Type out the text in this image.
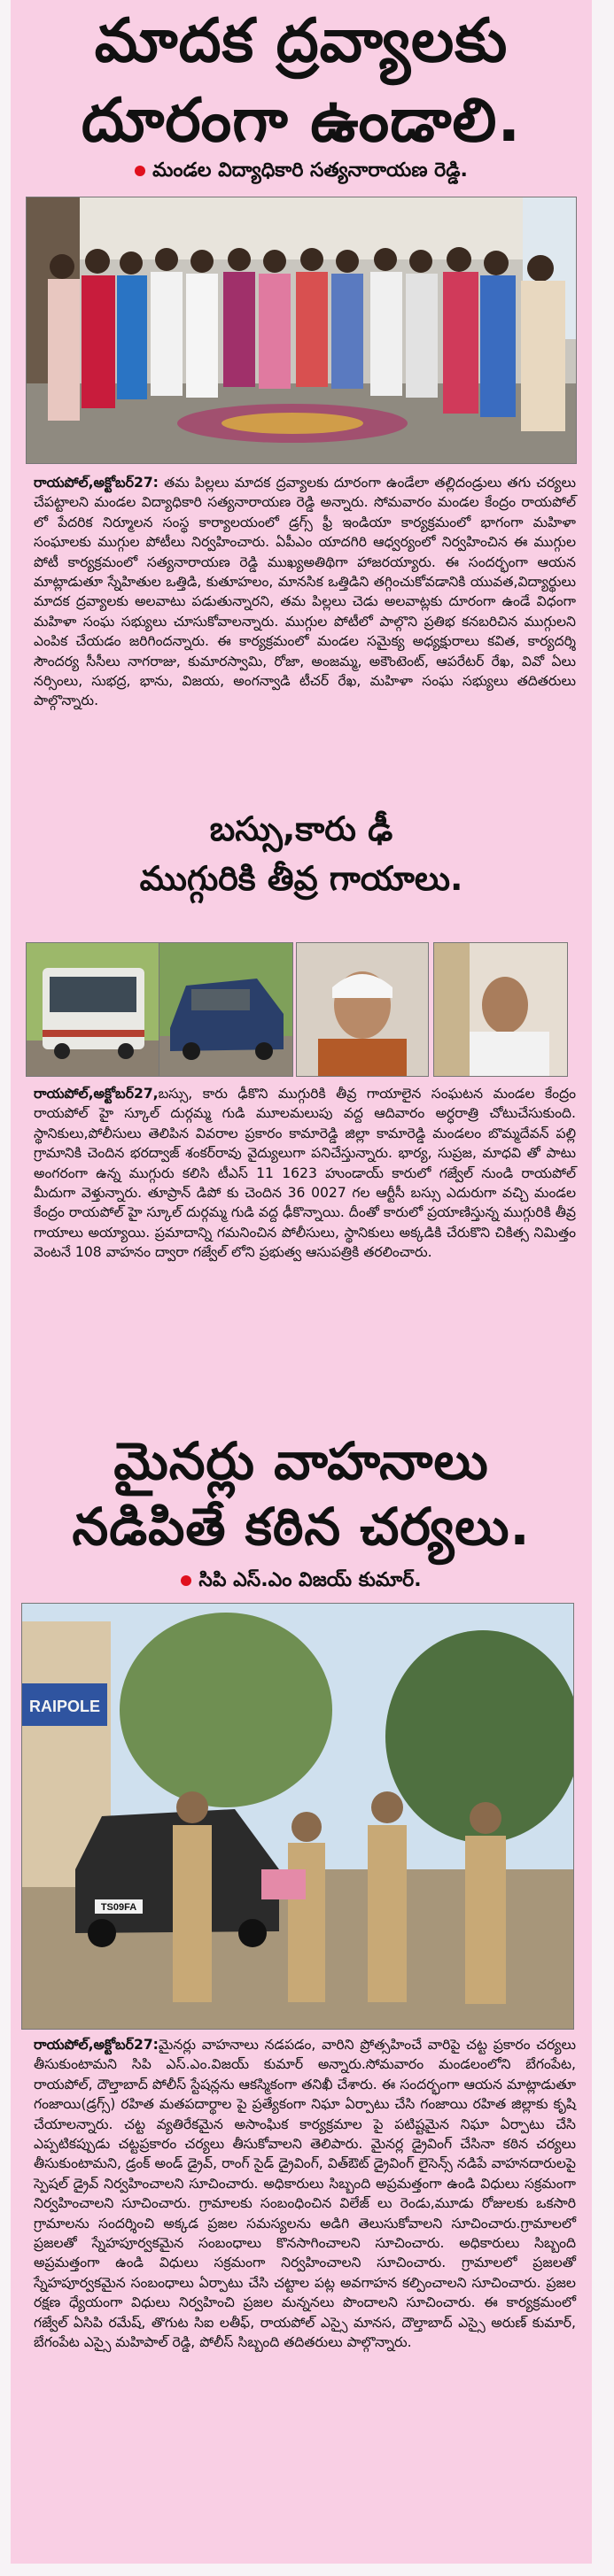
మాదక ద్రవ్యాలకు
దూరంగా ఉండాలి.
మండల విద్యాధికారి సత్యనారాయణ రెడ్డి.
రాయపోల్,అక్టోబర్27: తమ పిల్లలు మాదక ద్రవ్యాలకు దూరంగా ఉండేలా తల్లిదండ్రులు తగు చర్యలు చేపట్టాలని మండల విద్యాధికారి సత్యనారాయణ రెడ్డి అన్నారు. సోమవారం మండల కేంద్రం రాయపోల్ లో పేదరిక నిర్మూలన సంస్థ కార్యాలయంలో డ్రగ్స్ ఫ్రీ ఇండియా కార్యక్రమంలో భాగంగా మహిళా సంఘాలకు ముగ్గుల పోటీలు నిర్వహించారు. ఏపీఎం యాదగిరి ఆధ్వర్యంలో నిర్వహించిన ఈ ముగ్గుల పోటీ కార్యక్రమంలో సత్యనారాయణ రెడ్డి ముఖ్యఅతిథిగా హాజరయ్యారు. ఈ సందర్భంగా ఆయన మాట్లాడుతూ స్నేహితుల ఒత్తిడి, కుతూహలం, మానసిక ఒత్తిడిని తగ్గించుకోవడానికి యువత,విద్యార్థులు మాదక ద్రవ్యాలకు అలవాటు పడుతున్నారని, తమ పిల్లలు చెడు అలవాట్లకు దూరంగా ఉండే విధంగా మహిళా సంఘ సభ్యులు చూసుకోవాలన్నారు. ముగ్గుల పోటీలో పాల్గొని ప్రతిభ కనబరిచిన ముగ్గులని ఎంపిక చేయడం జరిగిందన్నారు. ఈ కార్యక్రమంలో మండల సమైక్య అధ్యక్షురాలు కవిత, కార్యదర్శి సౌందర్య సీసీలు నాగరాజు, కుమారస్వామి, రోజా, అంజమ్మ, అకౌంటెంట్, ఆపరేటర్ రేఖ, వివో ఏలు నర్సింలు, సుభద్ర, భాను, విజయ, అంగన్వాడి టీచర్ రేఖ, మహిళా సంఘ సభ్యులు తదితరులు పాల్గొన్నారు.
బస్సు,కారు ఢీ
ముగ్గురికి తీవ్ర గాయాలు.
రాయపోల్,అక్టోబర్27,బస్సు, కారు ఢీకొని ముగ్గురికి తీవ్ర గాయాలైన సంఘటన మండల కేంద్రం రాయపోల్ హై స్కూల్ దుర్గమ్మ గుడి మూలమలుపు వద్ద ఆదివారం అర్ధరాత్రి చోటుచేసుకుంది. స్థానికులు,పోలీసులు తెలిపిన వివరాల ప్రకారం కామారెడ్డి జిల్లా కామారెడ్డి మండలం బొమ్మదేవన్ పల్లి గ్రామానికి చెందిన భరద్వాజ్ శంకర్‌రావు వైద్యులుగా పనిచేస్తున్నారు. భార్య, సుప్రజ, మాధవి తో పాటు అంగరంగా ఉన్న ముగ్గురు కలిసి టీఎస్ 11 1623 హుండాయ్ కారులో గజ్వేల్ నుండి రాయపోల్ మీదుగా వెళ్తున్నారు. తూప్రాన్ డిపో కు చెందిన 36 0027 గల ఆర్టీసీ బస్సు ఎదురుగా వచ్చి మండల కేంద్రం రాయపోల్ హై స్కూల్ దుర్గమ్మ గుడి వద్ద ఢీకొన్నాయి. దీంతో కారులో ప్రయాణిస్తున్న ముగ్గురికి తీవ్ర గాయాలు అయ్యాయి. ప్రమాదాన్ని గమనించిన పోలీసులు, స్థానికులు అక్కడికి చేరుకొని చికిత్స నిమిత్తం వెంటనే 108 వాహనం ద్వారా గజ్వేల్ లోని ప్రభుత్వ ఆసుపత్రికి తరలించారు.
మైనర్లు వాహనాలు
నడిపితే కఠిన చర్యలు.
సిపి ఎస్.ఎం విజయ్ కుమార్.
RAIPOLE
TS09FA
రాయపోల్,అక్టోబర్27:మైనర్లు వాహనాలు నడపడం, వారిని ప్రోత్సహించే వారిపై చట్ట ప్రకారం చర్యలు తీసుకుంటామని సిపి ఎస్.ఎం.విజయ్ కుమార్ అన్నారు.సోమవారం మండలంలోని బేగంపేట, రాయపోల్, దౌల్తాబాద్ పోలీస్ స్టేషన్లను ఆకస్మికంగా తనిఖీ చేశారు. ఈ సందర్భంగా ఆయన మాట్లాడుతూ గంజాయి(డ్రగ్స్) రహిత మతపదార్థాల పై ప్రత్యేకంగా నిఘా ఏర్పాటు చేసి గంజాయి రహిత జిల్లాకు కృషి చేయాలన్నారు. చట్ట వ్యతిరేకమైన అసాంఘిక కార్యక్రమాల పై పటిష్టమైన నిఘా ఏర్పాటు చేసి ఎప్పటికప్పుడు చట్టప్రకారం చర్యలు తీసుకోవాలని తెలిపారు. మైనర్ల డ్రైవింగ్ చేసినా కఠిన చర్యలు తీసుకుంటామని, డ్రంక్ అండ్ డ్రైవ్, రాంగ్ సైడ్ డ్రైవింగ్, విత్‌ఔట్ డ్రైవింగ్ లైసెన్స్ నడిపే వాహనదారులపై స్పెషల్ డ్రైవ్ నిర్వహించాలని సూచించారు. అధికారులు సిబ్బంది అప్రమత్తంగా ఉండి విధులు సక్రమంగా నిర్వహించాలని సూచించారు. గ్రామాలకు సంబంధించిన విలేజ్ లు రెండు,మూడు రోజులకు ఒకసారి గ్రామాలను సందర్శించి అక్కడ ప్రజల సమస్యలను అడిగి తెలుసుకోవాలని సూచించారు.గ్రామాలలో ప్రజలతో స్నేహపూర్వకమైన సంబంధాలు కొనసాగించాలని సూచించారు. అధికారులు సిబ్బంది అప్రమత్తంగా ఉండి విధులు సక్రమంగా నిర్వహించాలని సూచించారు. గ్రామాలలో ప్రజలతో స్నేహపూర్వకమైన సంబంధాలు ఏర్పాటు చేసి చట్టాల పట్ల అవగాహన కల్పించాలని సూచించారు. ప్రజల రక్షణ ధ్యేయంగా విధులు నిర్వహించి ప్రజల మన్ననలు పొందాలని సూచించారు. ఈ కార్యక్రమంలో గజ్వేల్ ఏసిపి రమేష్, తొగుట సిఐ లతీఫ్, రాయపోల్ ఎస్సై మానస, దౌల్తాబాద్ ఎస్సై అరుణ్ కుమార్, బేగంపేట ఎస్సై మహిపాల్ రెడ్డి, పోలీస్ సిబ్బంది తదితరులు పాల్గొన్నారు.
